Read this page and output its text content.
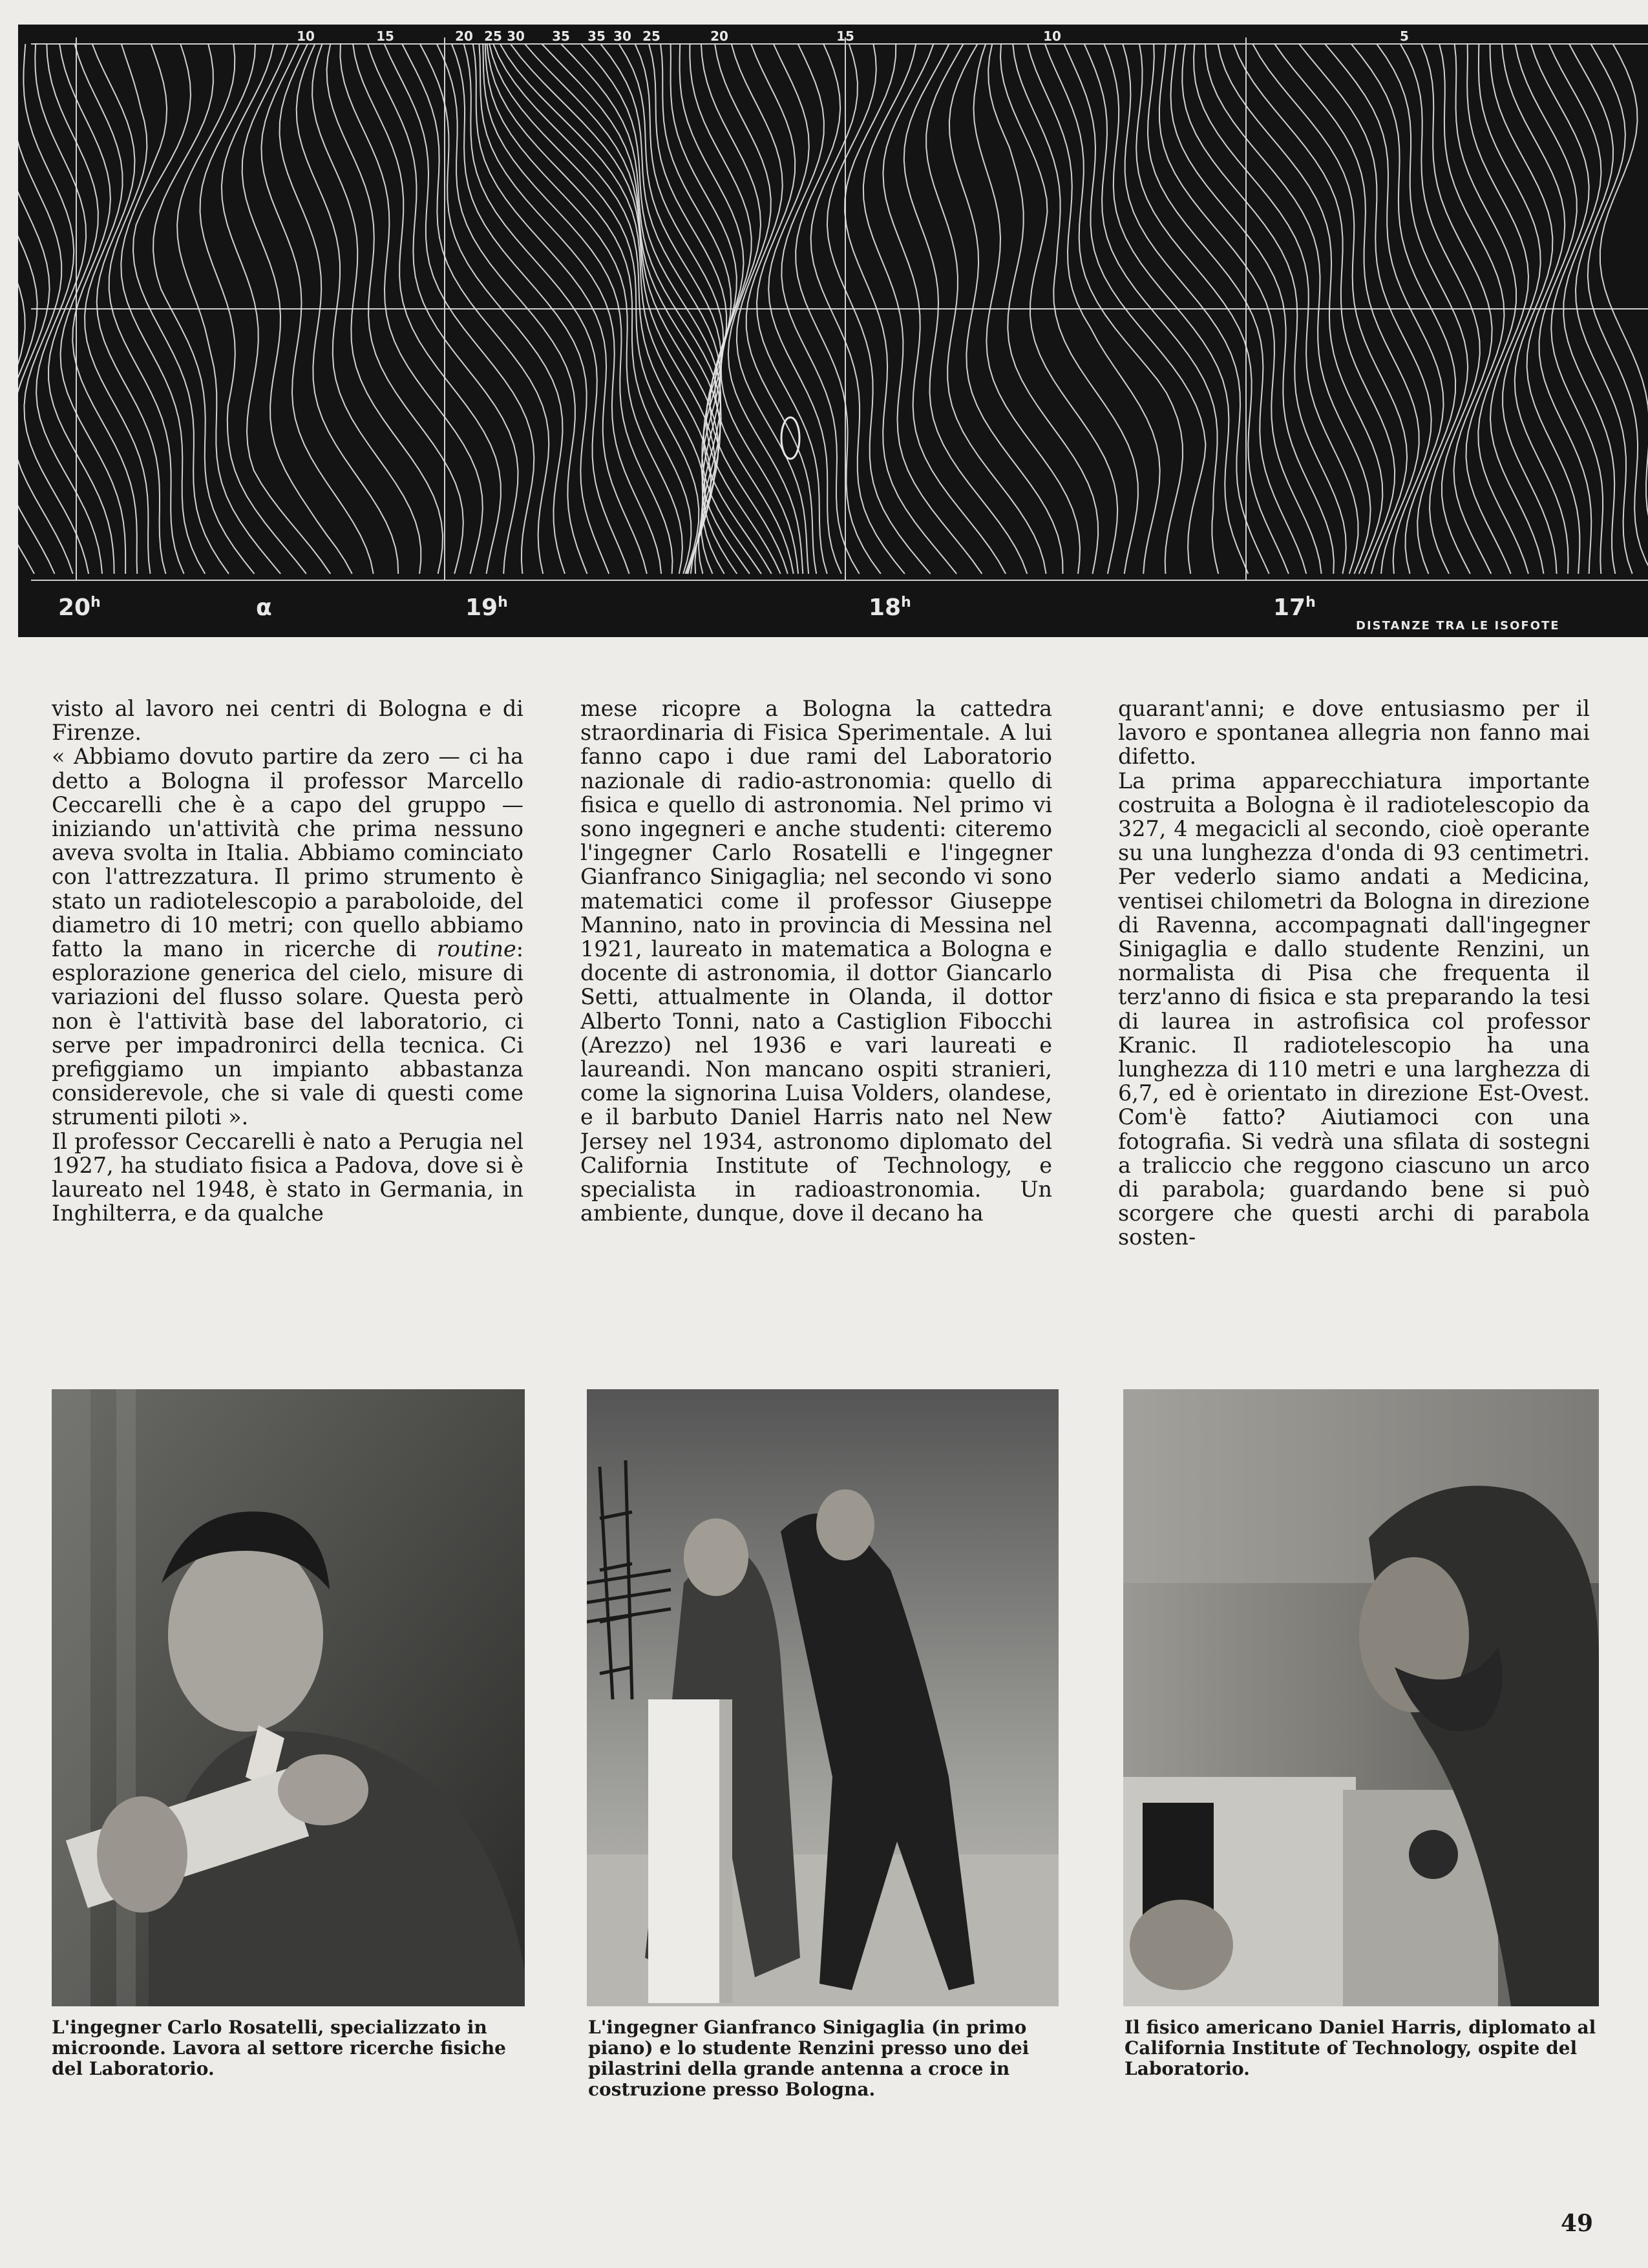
10	15	20 25 30 35 35 30 25	20	15	10	5
20$^h$	α	19$^h$	18$^h$	17$^h$
DISTANZE TRA LE ISOFOTE

visto al lavoro nei centri di Bologna e di Firenze.

« Abbiamo dovuto partire da zero — ci ha detto a Bologna il professor Marcello Ceccarelli che è a capo del gruppo — iniziando un'attività che prima nessuno aveva svolta in Italia. Abbiamo cominciato con l'attrezzatura. Il primo strumento è stato un radiotelescopio a paraboloide, del diametro di 10 metri; con quello abbiamo fatto la mano in ricerche di routine: esplorazione generica del cielo, misure di variazioni del flusso solare. Questa però non è l'attività base del laboratorio, ci serve per impadronirci della tecnica. Ci prefiggiamo un impianto abbastanza considerevole, che si vale di questi come strumenti piloti ».

Il professor Ceccarelli è nato a Perugia nel 1927, ha studiato fisica a Padova, dove si è laureato nel 1948, è stato in Germania, in Inghilterra, e da qualche

mese ricopre a Bologna la cattedra straordinaria di Fisica Sperimentale. A lui fanno capo i due rami del Laboratorio nazionale di radio-astronomia: quello di fisica e quello di astronomia. Nel primo vi sono ingegneri e anche studenti: citeremo l'ingegner Carlo Rosatelli e l'ingegner Gianfranco Sinigaglia; nel secondo vi sono matematici come il professor Giuseppe Mannino, nato in provincia di Messina nel 1921, laureato in matematica a Bologna e docente di astronomia, il dottor Giancarlo Setti, attualmente in Olanda, il dottor Alberto Tonni, nato a Castiglion Fibocchi (Arezzo) nel 1936 e vari laureati e laureandi. Non mancano ospiti stranieri, come la signorina Luisa Volders, olandese, e il barbuto Daniel Harris nato nel New Jersey nel 1934, astronomo diplomato del California Institute of Technology, e specialista in radioastronomia. Un ambiente, dunque, dove il decano ha

quarant'anni; e dove entusiasmo per il lavoro e spontanea allegria non fanno mai difetto.

La prima apparecchiatura importante costruita a Bologna è il radiotelescopio da 327, 4 megacicli al secondo, cioè operante su una lunghezza d'onda di 93 centimetri. Per vederlo siamo andati a Medicina, ventisei chilometri da Bologna in direzione di Ravenna, accompagnati dall'ingegner Sinigaglia e dallo studente Renzini, un normalista di Pisa che frequenta il terz'anno di fisica e sta preparando la tesi di laurea in astrofisica col professor Kranic. Il radiotelescopio ha una lunghezza di 110 metri e una larghezza di 6,7, ed è orientato in direzione Est-Ovest. Com'è fatto? Aiutiamoci con una fotografia. Si vedrà una sfilata di sostegni a traliccio che reggono ciascuno un arco di parabola; guardando bene si può scorgere che questi archi di parabola sosten-

L'ingegner Carlo Rosatelli, specializzato in microonde. Lavora al settore ricerche fisiche del Laboratorio.
L'ingegner Gianfranco Sinigaglia (in primo piano) e lo studente Renzini presso uno dei pilastrini della grande antenna a croce in costruzione presso Bologna.
Il fisico americano Daniel Harris, diplomato al California Institute of Technology, ospite del Laboratorio.
49
